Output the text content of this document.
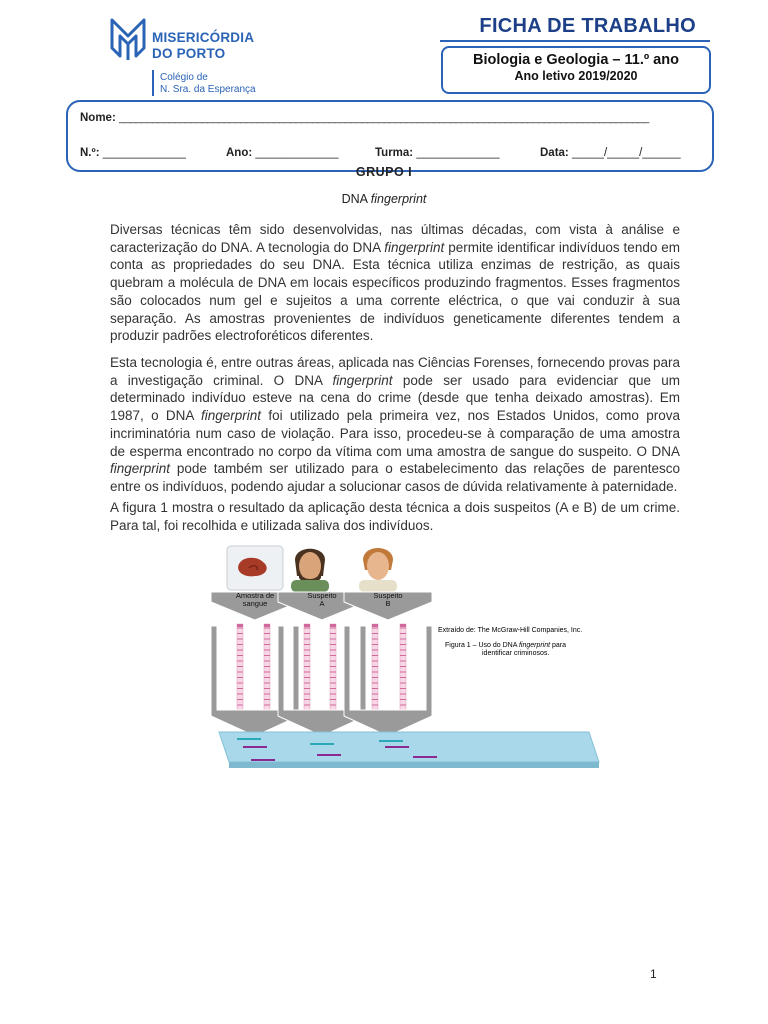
MISERICÓRDIA
DO PORTO
Colégio de
N. Sra. da Esperança
FICHA DE TRABALHO
Biologia e Geologia – 11.º ano
Ano letivo 2019/2020
Nome: ________________________________________________________________________________________________
N.º: _____________	Ano: _____________	Turma: _____________	Data: _____/_____/______
GRUPO I
DNA fingerprint
Diversas técnicas têm sido desenvolvidas, nas últimas décadas, com vista à análise e caracterização do DNA. A tecnologia do DNA fingerprint permite identificar indivíduos tendo em conta as propriedades do seu DNA. Esta técnica utiliza enzimas de restrição, as quais quebram a molécula de DNA em locais específicos produzindo fragmentos. Esses fragmentos são colocados num gel e sujeitos a uma corrente eléctrica, o que vai conduzir à sua separação. As amostras provenientes de indivíduos geneticamente diferentes tendem a produzir padrões electroforéticos diferentes.
Esta tecnologia é, entre outras áreas, aplicada nas Ciências Forenses, fornecendo provas para a investigação criminal. O DNA fingerprint pode ser usado para evidenciar que um determinado indivíduo esteve na cena do crime (desde que tenha deixado amostras). Em 1987, o DNA fingerprint foi utilizado pela primeira vez, nos Estados Unidos, como prova incriminatória num caso de violação. Para isso, procedeu-se à comparação de uma amostra de esperma encontrado no corpo da vítima com uma amostra de sangue do suspeito. O DNA fingerprint pode também ser utilizado para o estabelecimento das relações de parentesco entre os indivíduos, podendo ajudar a solucionar casos de dúvida relativamente à paternidade.
A figura 1 mostra o resultado da aplicação desta técnica a dois suspeitos (A e B) de um crime. Para tal, foi recolhida e utilizada saliva dos indivíduos.
Amostra de
sangue
Suspeito
A
Suspeito
B
Extraído de: The McGraw-Hill Companies, Inc.
Figura 1 – Uso do DNA fingerprint para
identificar criminosos.
1
